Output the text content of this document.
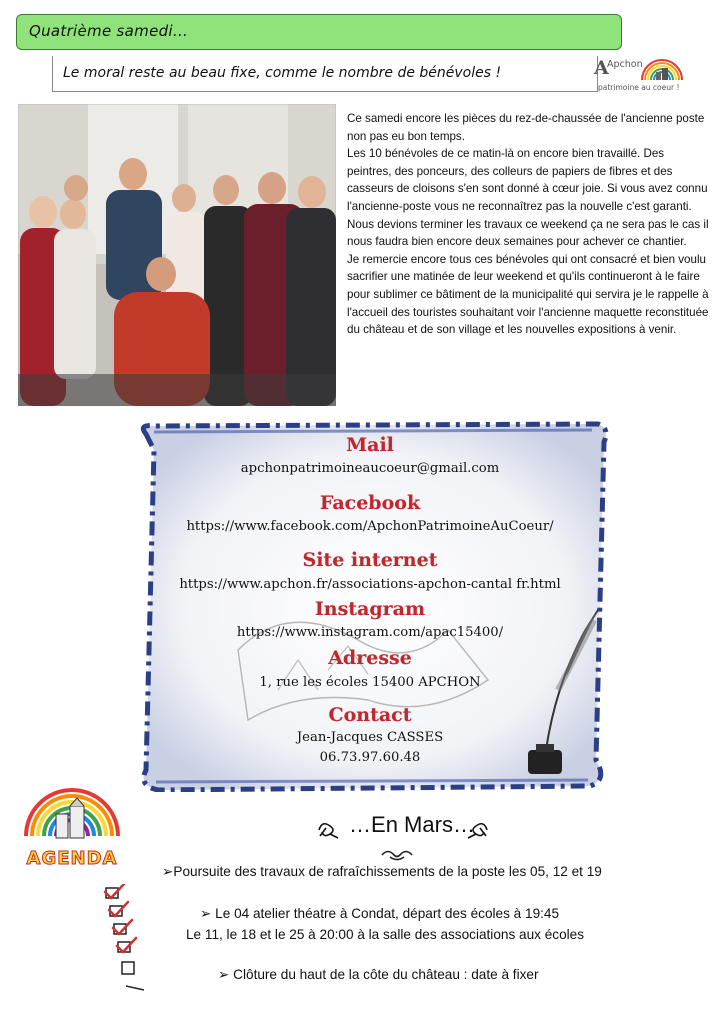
Quatrième samedi…
Le moral reste au beau fixe, comme le nombre de bénévoles !	A
Apchon
patrimoine au coeur !

Ce samedi encore les pièces du rez-de-chaussée de l'ancienne poste non pas eu bon temps.

Les 10 bénévoles de ce matin-là on encore bien travaillé. Des peintres, des ponceurs, des colleurs de papiers de fibres et des casseurs de cloisons s'en sont donné à cœur joie. Si vous avez connu l'ancienne-poste vous ne reconnaîtrez pas la nouvelle c'est garanti.

Nous devions terminer les travaux ce weekend ça ne sera pas le cas il nous faudra bien encore deux semaines pour achever ce chantier.

Je remercie encore tous ces bénévoles qui ont consacré et bien voulu sacrifier une matinée de leur weekend et qu'ils continueront à le faire pour sublimer ce bâtiment de la municipalité qui servira je le rappelle à l'accueil des touristes souhaitant voir l'ancienne maquette reconstituée du château et de son village et les nouvelles expositions à venir.

Mail
apchonpatrimoineaucoeur@gmail.com
Facebook
https://www.facebook.com/ApchonPatrimoineAuCoeur/
Site internet
https://www.apchon.fr/associations-apchon-cantal fr.html
Instagram
https://www.instagram.com/apac15400/
Adresse
1, rue les écoles 15400 APCHON
Contact
Jean-Jacques CASSES
06.73.97.60.48
AGENDA
…En Mars…
➢Poursuite des travaux de rafraîchissements de la poste les 05, 12 et 19
➢ Le 04 atelier théatre à Condat, départ des écoles à 19:45
Le 11, le 18 et le 25 à 20:00 à la salle des associations aux écoles
➢ Clôture du haut de la côte du château : date à fixer
